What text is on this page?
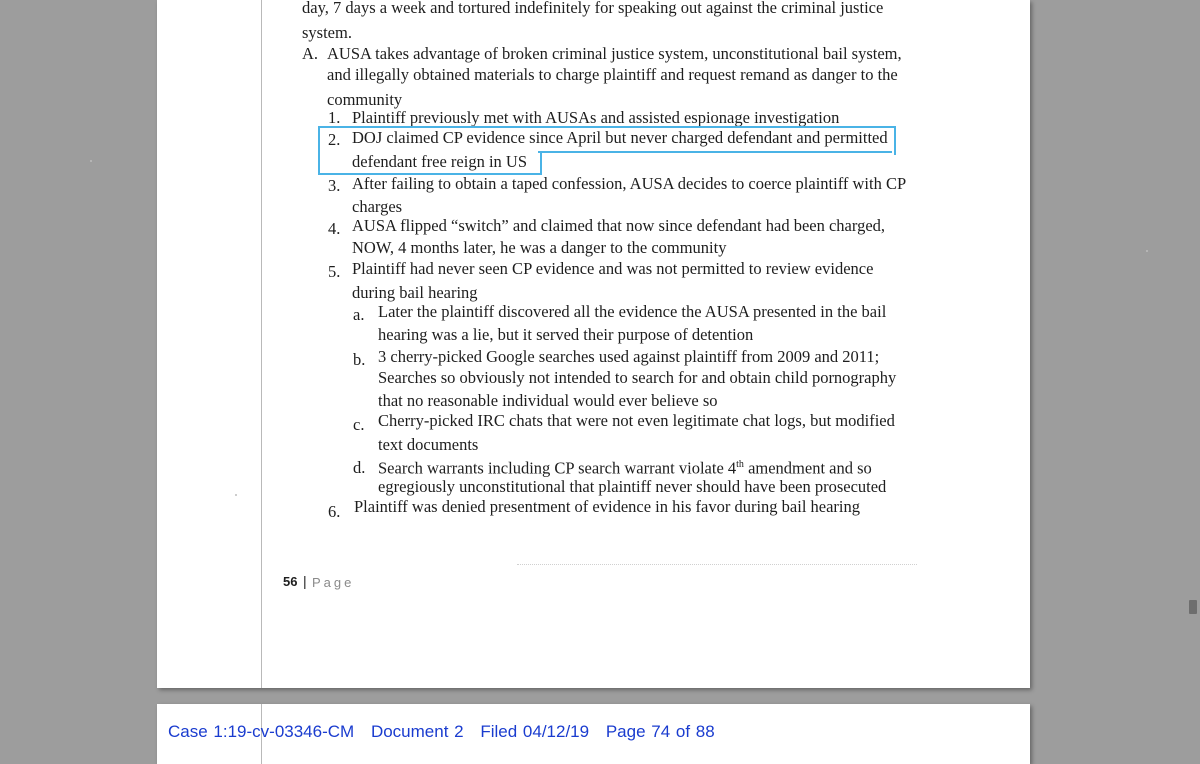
day, 7 days a week and tortured indefinitely for speaking out against the criminal justice
system.
A. AUSA takes advantage of broken criminal justice system, unconstitutional bail system,
and illegally obtained materials to charge plaintiff and request remand as danger to the
community
1. Plaintiff previously met with AUSAs and assisted espionage investigation
2. DOJ claimed CP evidence since April but never charged defendant and permitted
defendant free reign in US
3. After failing to obtain a taped confession, AUSA decides to coerce plaintiff with CP
charges
4. AUSA flipped “switch” and claimed that now since defendant had been charged,
NOW, 4 months later, he was a danger to the community
5. Plaintiff had never seen CP evidence and was not permitted to review evidence
during bail hearing
a. Later the plaintiff discovered all the evidence the AUSA presented in the bail
hearing was a lie, but it served their purpose of detention
b. 3 cherry-picked Google searches used against plaintiff from 2009 and 2011;
Searches so obviously not intended to search for and obtain child pornography
that no reasonable individual would ever believe so
c. Cherry-picked IRC chats that were not even legitimate chat logs, but modified
text documents
d. Search warrants including CP search warrant violate 4th amendment and so
egregiously unconstitutional that plaintiff never should have been prosecuted
6. Plaintiff was denied presentment of evidence in his favor during bail hearing
56 | Page
Case 1:19-cv-03346-CM Document 2 Filed 04/12/19 Page 74 of 88
